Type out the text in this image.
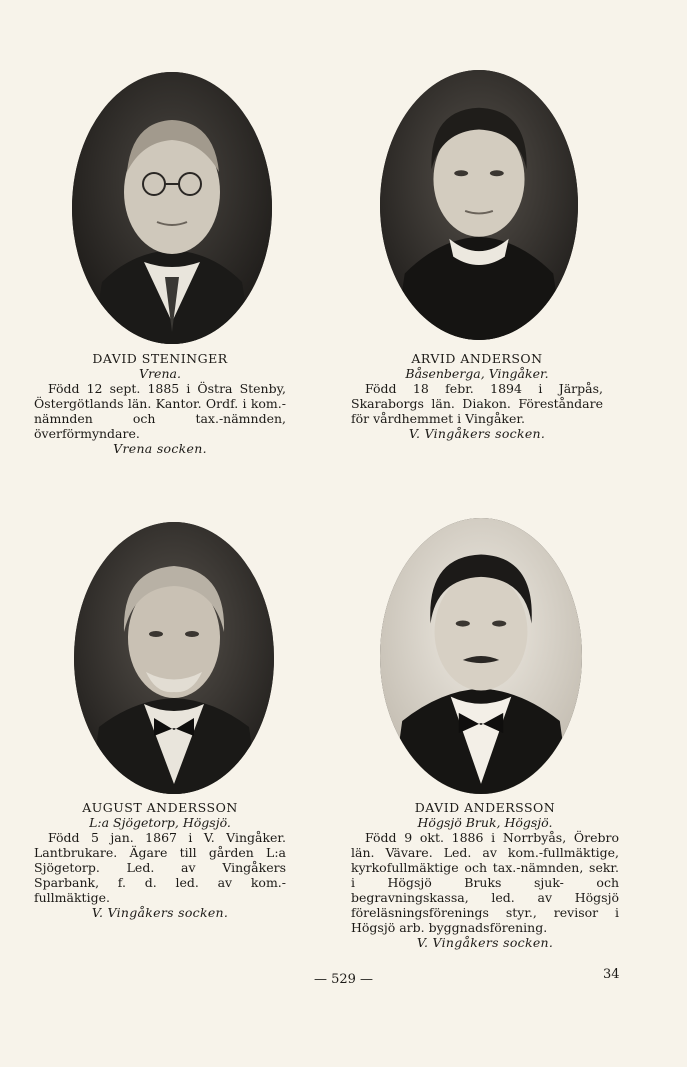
DAVID STENINGER
Vrena.
Född 12 sept. 1885 i Östra Stenby, Östergötlands län. Kantor. Ordf. i kom.-nämnden och tax.-nämnden, överförmyndare.
Vrena socken.
ARVID ANDERSON
Båsenberga, Vingåker.
Född 18 febr. 1894 i Järpås, Skaraborgs län. Diakon. Föreståndare för vårdhemmet i Vingåker.
V. Vingåkers socken.
AUGUST ANDERSSON
L:a Sjögetorp, Högsjö.
Född 5 jan. 1867 i V. Vingåker. Lantbrukare. Ägare till gården L:a Sjögetorp. Led. av Vingåkers Sparbank, f. d. led. av kom.-fullmäktige.
V. Vingåkers socken.
DAVID ANDERSSON
Högsjö Bruk, Högsjö.
Född 9 okt. 1886 i Norrbyås, Örebro län. Vävare. Led. av kom.-fullmäktige, kyrkofullmäktige och tax.-nämnden, sekr. i Högsjö Bruks sjuk- och begravningskassa, led. av Högsjö föreläsningsförenings styr., revisor i Högsjö arb. byggnadsförening.
V. Vingåkers socken.
— 529 —	34
